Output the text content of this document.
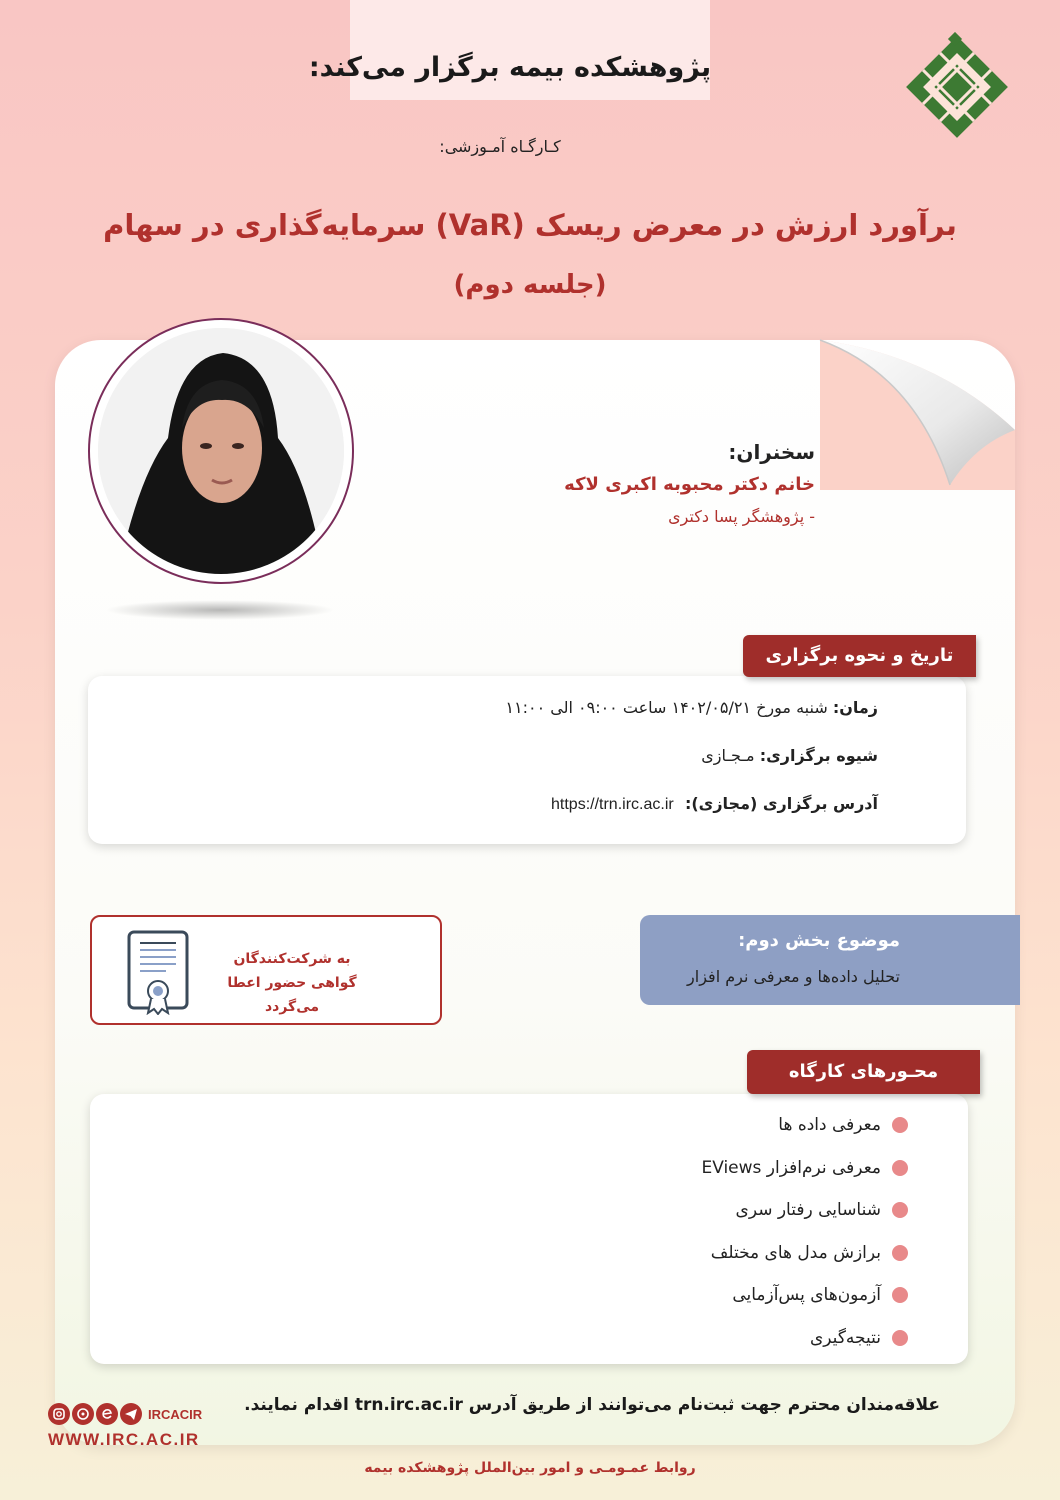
پژوهشکده بیمه برگزار می‌کند:
کـارگـاه آمـوزشی:
برآورد ارزش در معرض ریسک (VaR) سرمایه‌گذاری در سهام
(جلسه دوم)
سخنران:
خانم دکتر محبوبه اکبری لاکه
- پژوهشگر پسا دکتری
زمان: شنبه مورخ ۱۴۰۲/۰۵/۲۱ ساعت ۰۹:۰۰ الی ۱۱:۰۰
شیوه برگزاری: مـجـازی
آدرس برگزاری (مجازی):
https://trn.irc.ac.ir
تاریخ و نحوه برگزاری
به شرکت‌کنندگان
گواهی حضور اعطا می‌گردد
موضوع بخش دوم:
تحلیل داده‌ها و معرفی نرم افزار
معرفی داده ها
معرفی نرم‌افزار EViews
شناسایی رفتار سری
برازش مدل های مختلف
آزمون‌های پس‌آزمایی
نتیجه‌گیری
محـورهای کارگاه
علاقه‌مندان محترم جهت ثبت‌نام می‌توانند از طریق آدرس trn.irc.ac.ir اقدام نمایند.
IRCACIR
WWW.IRC.AC.IR
روابط عمـومـی و امور بین‌الملل پژوهشکده بیمه
